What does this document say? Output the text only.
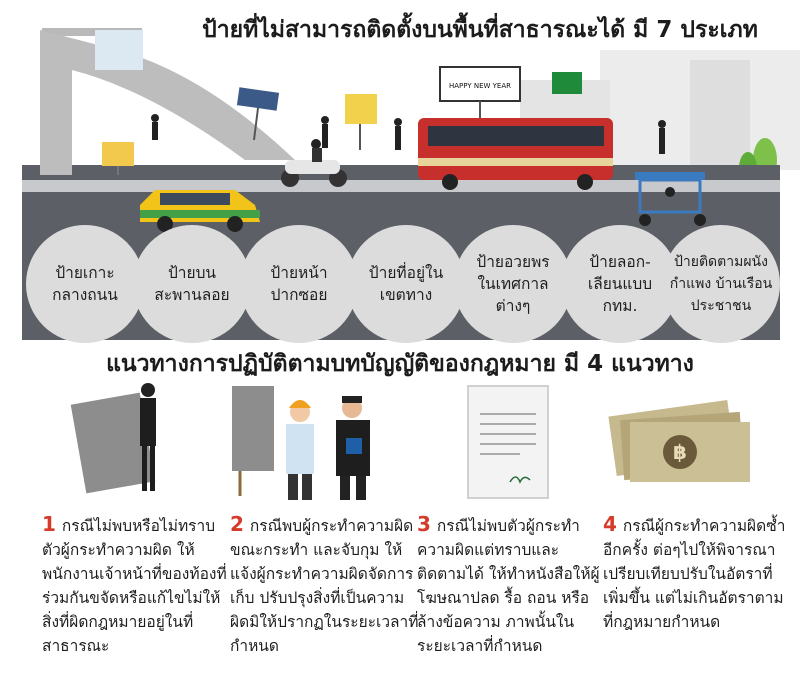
HAPPY NEW YEAR
ป้ายที่ไม่สามารถติดตั้งบนพื้นที่สาธารณะได้ มี 7 ประเภท
ป้ายเกาะ
กลางถนน
ป้ายบน
สะพานลอย
ป้ายหน้า
ปากซอย
ป้ายที่อยู่ใน
เขตทาง
ป้ายอวยพร
ในเทศกาล
ต่างๆ
ป้ายลอก-
เลียนแบบ
กทม.
ป้ายติดตามผนัง
กำแพง บ้านเรือน
ประชาชน
แนวทางการปฏิบัติตามบทบัญญัติของกฎหมาย มี 4 แนวทาง
฿
1 กรณีไม่พบหรือไม่ทราบตัวผู้กระทำความผิด ให้พนักงานเจ้าหน้าที่ของท้องที่ร่วมกันขจัดหรือแก้ไขไม่ให้สิ่งที่ผิดกฎหมายอยู่ในที่สาธารณะ
2 กรณีพบผู้กระทำความผิดขณะกระทำ และจับกุม ให้แจ้งผู้กระทำความผิดจัดการเก็บ ปรับปรุงสิ่งที่เป็นความผิดมิให้ปรากฏในระยะเวลาที่กำหนด
3 กรณีไม่พบตัวผู้กระทำความผิดแต่ทราบและติดตามได้ ให้ทำหนังสือให้ผู้โฆษณาปลด รื้อ ถอน หรือล้างข้อความ ภาพนั้นในระยะเวลาที่กำหนด
4 กรณีผู้กระทำความผิดซ้ำอีกครั้ง ต่อๆไปให้พิจารณาเปรียบเทียบปรับในอัตราที่เพิ่มขึ้น แต่ไม่เกินอัตราตามที่กฎหมายกำหนด
